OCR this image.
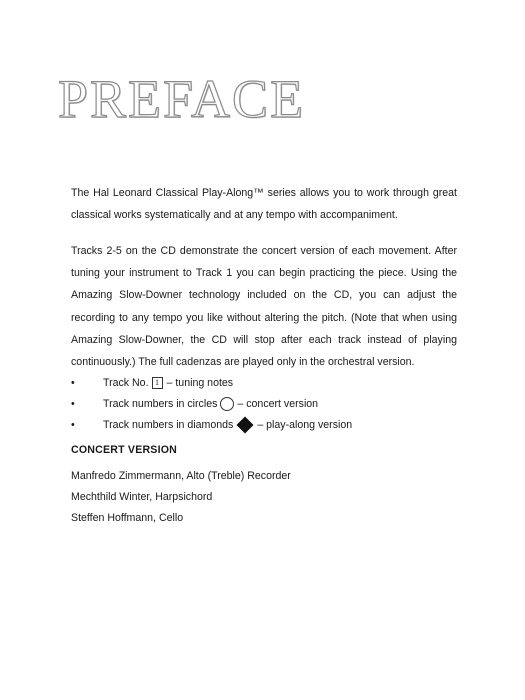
PREFACE

The Hal Leonard Classical Play-Along™ series allows you to work through great classical works systematically and at any tempo with accompaniment.

Tracks 2-5 on the CD demonstrate the concert version of each movement. After tuning your instrument to Track 1 you can begin practicing the piece. Using the Amazing Slow-Downer technology included on the CD, you can adjust the recording to any tempo you like without altering the pitch. (Note that when using Amazing Slow-Downer, the CD will stop after each track instead of playing continuously.) The full cadenzas are played only in the orchestral version.

•	Track No. 1 – tuning notes
•	Track numbers in circles – concert version
•	Track numbers in diamonds – play-along version
CONCERT VERSION
Manfredo Zimmermann, Alto (Treble) Recorder
Mechthild Winter, Harpsichord
Steffen Hoffmann, Cello
